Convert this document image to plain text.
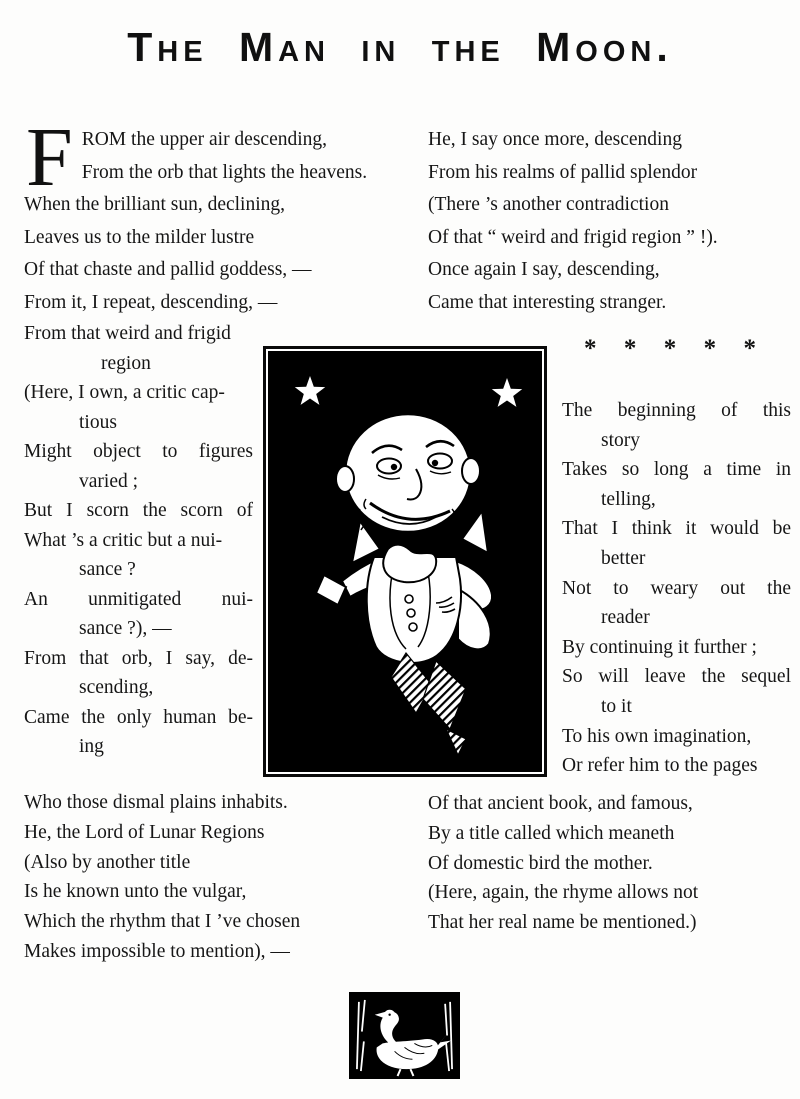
The Man in the Moon.
F ROM the upper air descending,
From the orb that lights the heavens.
When the brilliant sun, declining,
Leaves us to the milder lustre
Of that chaste and pallid goddess, —
From it, I repeat, descending, —
From that weird and frigid
region
(Here, I own, a critic cap-
tious
Might object to figures
varied ;
But I scorn the scorn of
What ’s a critic but a nui-
sance ?
An unmitigated nui-
sance ?), —
From that orb, I say, de-
scending,
Came the only human be-
ing
Who those dismal plains inhabits.
He, the Lord of Lunar Regions
(Also by another title
Is he known unto the vulgar,
Which the rhythm that I ’ve chosen
Makes impossible to mention), —
He, I say once more, descending
From his realms of pallid splendor
(There ’s another contradiction
Of that “ weird and frigid region ” !).
Once again I say, descending,
Came that interesting stranger.
* * * * *
The beginning of this
story
Takes so long a time in
telling,
That I think it would be
better
Not to weary out the
reader
By continuing it further ;
So will leave the sequel
to it
To his own imagination,
Or refer him to the pages
Of that ancient book, and famous,
By a title called which meaneth
Of domestic bird the mother.
(Here, again, the rhyme allows not
That her real name be mentioned.)
